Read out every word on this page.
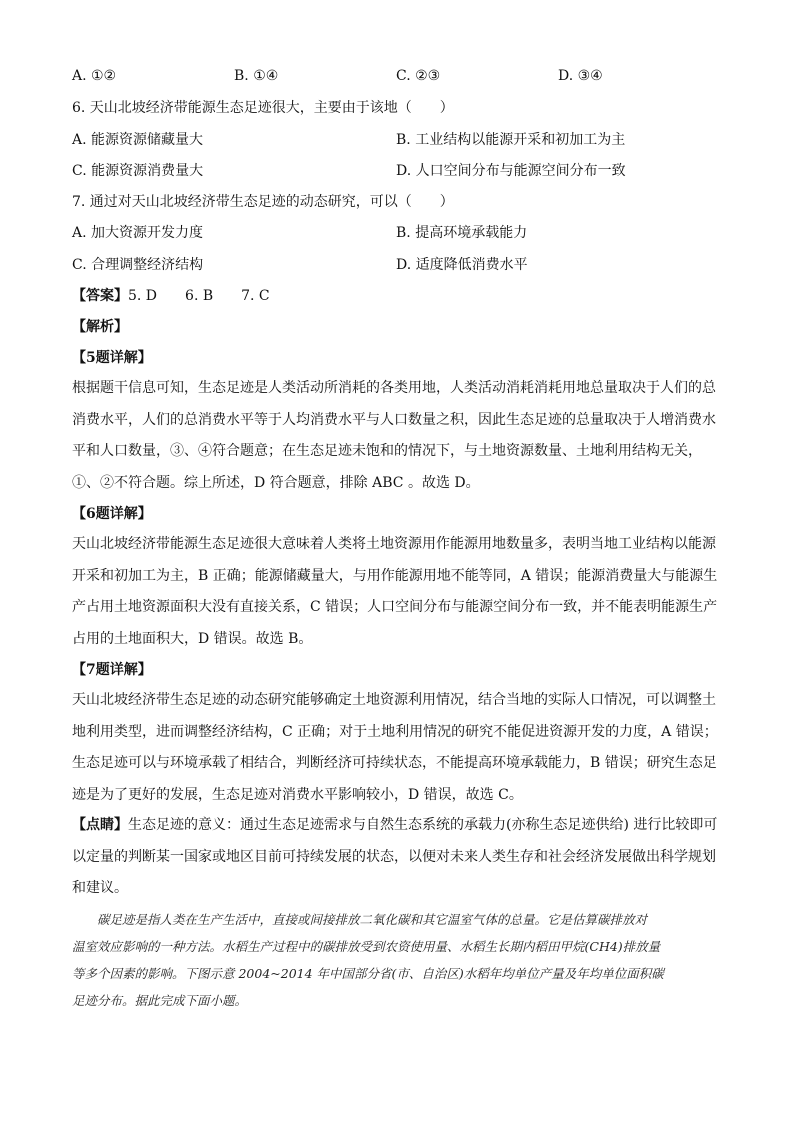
A. ①②	B. ①④	C. ②③	D. ③④
6. 天山北坡经济带能源生态足迹很大，主要由于该地（　　）
A. 能源资源储藏量大	B. 工业结构以能源开采和初加工为主
C. 能源资源消费量大	D. 人口空间分布与能源空间分布一致
7. 通过对天山北坡经济带生态足迹的动态研究，可以（　　）
A. 加大资源开发力度	B. 提高环境承载能力
C. 合理调整经济结构	D. 适度降低消费水平
【答案】5. D　　6. B　　7. C
【解析】
【5题详解】
根据题干信息可知，生态足迹是人类活动所消耗的各类用地，人类活动消耗消耗用地总量取决于人们的总
消费水平，人们的总消费水平等于人均消费水平与人口数量之积，因此生态足迹的总量取决于人增消费水
平和人口数量，③、④符合题意；在生态足迹未饱和的情况下，与土地资源数量、土地利用结构无关，
①、②不符合题。综上所述，D 符合题意，排除 ABC 。故选 D。
【6题详解】
天山北坡经济带能源生态足迹很大意味着人类将土地资源用作能源用地数量多，表明当地工业结构以能源
开采和初加工为主，B 正确；能源储藏量大，与用作能源用地不能等同，A 错误；能源消费量大与能源生
产占用土地资源面积大没有直接关系，C 错误；人口空间分布与能源空间分布一致，并不能表明能源生产
占用的土地面积大，D 错误。故选 B。
【7题详解】
天山北坡经济带生态足迹的动态研究能够确定土地资源利用情况，结合当地的实际人口情况，可以调整土
地利用类型，进而调整经济结构，C 正确；对于土地利用情况的研究不能促进资源开发的力度，A 错误；
生态足迹可以与环境承载了相结合，判断经济可持续状态，不能提高环境承载能力，B 错误；研究生态足
迹是为了更好的发展，生态足迹对消费水平影响较小，D 错误，故选 C。
【点睛】生态足迹的意义：通过生态足迹需求与自然生态系统的承载力(亦称生态足迹供给) 进行比较即可
以定量的判断某一国家或地区目前可持续发展的状态，以便对未来人类生存和社会经济发展做出科学规划
和建议。
　　碳足迹是指人类在生产生活中，直接或间接排放二氧化碳和其它温室气体的总量。它是估算碳排放对
温室效应影响的一种方法。水稻生产过程中的碳排放受到农资使用量、水稻生长期内稻田甲烷(CH4)排放量
等多个因素的影响。下图示意 2004~2014 年中国部分省(市、自治区)水稻年均单位产量及年均单位面积碳
足迹分布。据此完成下面小题。
